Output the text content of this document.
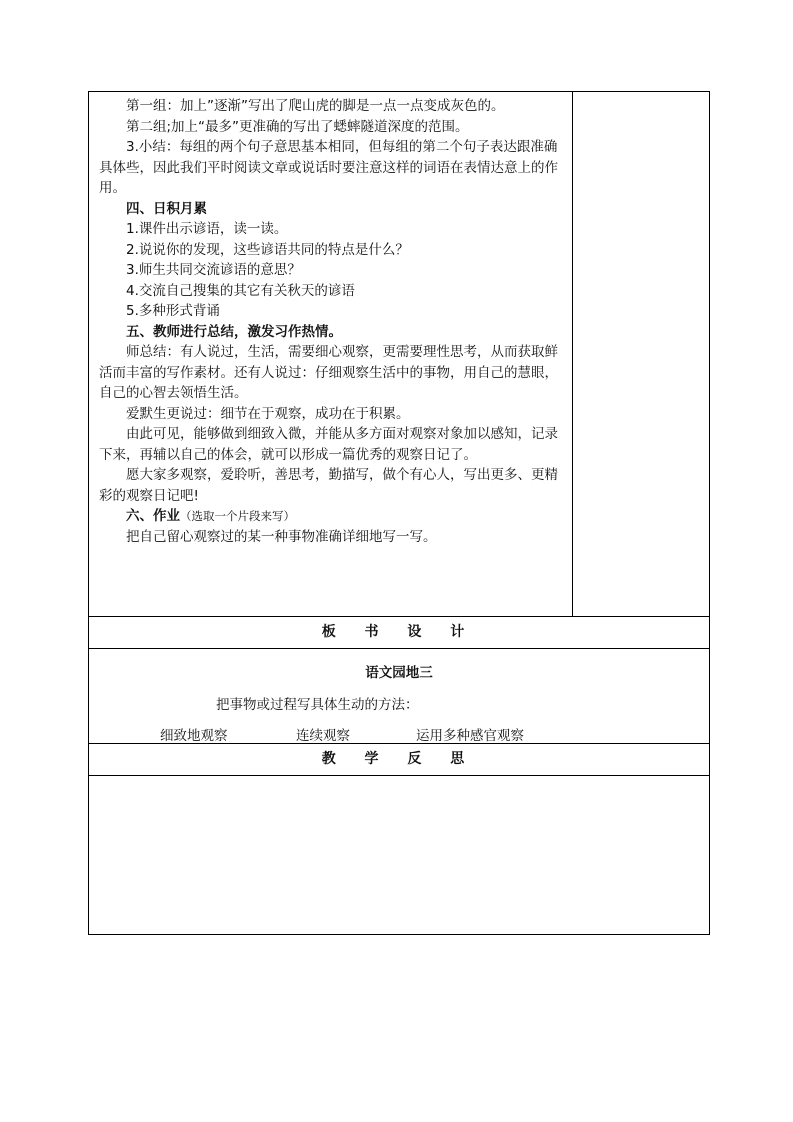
第一组：加上”逐渐”写出了爬山虎的脚是一点一点变成灰色的。

第二组;加上“最多”更准确的写出了蟋蟀隧道深度的范围。

3.小结：每组的两个句子意思基本相同，但每组的第二个句子表达跟准确具体些，因此我们平时阅读文章或说话时要注意这样的词语在表情达意上的作用。

四、日积月累

1.课件出示谚语，读一读。

2.说说你的发现，这些谚语共同的特点是什么？

3.师生共同交流谚语的意思？

4.交流自己搜集的其它有关秋天的谚语

5.多种形式背诵

五、教师进行总结，激发习作热情。

师总结：有人说过，生活，需要细心观察，更需要理性思考，从而获取鲜活而丰富的写作素材。还有人说过：仔细观察生活中的事物，用自己的慧眼，自己的心智去领悟生活。

爱默生更说过：细节在于观察，成功在于积累。

由此可见，能够做到细致入微，并能从多方面对观察对象加以感知，记录下来，再辅以自己的体会，就可以形成一篇优秀的观察日记了。

愿大家多观察，爱聆听，善思考，勤描写，做个有心人，写出更多、更精彩的观察日记吧!

六、作业（选取一个片段来写）

把自己留心观察过的某一种事物准确详细地写一写。

板 书 设 计

语文园地三
把事物或过程写具体生动的方法：
细致地观察	连续观察	运用多种感官观察

教 学 反 思
